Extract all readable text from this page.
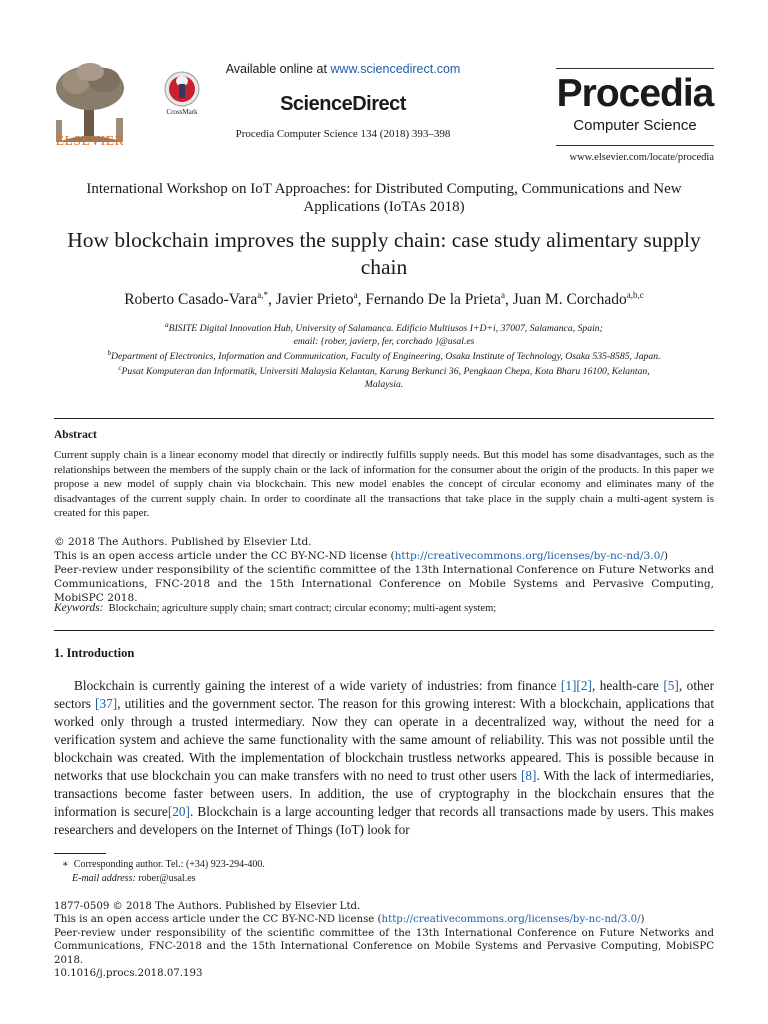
ELSEVIER
CrossMark
Available online at www.sciencedirect.com
ScienceDirect
Procedia Computer Science 134 (2018) 393–398
Procedia
Computer Science
www.elsevier.com/locate/procedia
International Workshop on IoT Approaches: for Distributed Computing, Communications and New Applications (IoTAs 2018)
How blockchain improves the supply chain: case study alimentary supply chain
Roberto Casado-Vara$^{a,*}$, Javier Prieto$^a$, Fernando De la Prieta$^a$, Juan M. Corchado$^{a,b,c}$
$^a$BISITE Digital Innovation Hub, University of Salamanca. Edificio Multiusos I+D+i, 37007, Salamanca, Spain;
email: {rober, javierp, fer, corchado }@usal.es
$^b$Department of Electronics, Information and Communication, Faculty of Engineering, Osaka Institute of Technology, Osaka 535-8585, Japan.
$^c$Pusat Komputeran dan Informatik, Universiti Malaysia Kelantan, Karung Berkunci 36, Pengkaan Chepa, Kota Bharu 16100, Kelantan, Malaysia.
Abstract
Current supply chain is a linear economy model that directly or indirectly fulfills supply needs. But this model has some disadvantages, such as the relationships between the members of the supply chain or the lack of information for the consumer about the origin of the products. In this paper we propose a new model of supply chain via blockchain. This new model enables the concept of circular economy and eliminates many of the disadvantages of the current supply chain. In order to coordinate all the transactions that take place in the supply chain a multi-agent system is created for this paper.
© 2018 The Authors. Published by Elsevier Ltd.
This is an open access article under the CC BY-NC-ND license (http://creativecommons.org/licenses/by-nc-nd/3.0/)
Peer-review under responsibility of the scientific committee of the 13th International Conference on Future Networks and Communications, FNC-2018 and the 15th International Conference on Mobile Systems and Pervasive Computing, MobiSPC 2018.
Keywords: Blockchain; agriculture supply chain; smart contract; circular economy; multi-agent system;
1. Introduction
Blockchain is currently gaining the interest of a wide variety of industries: from finance [1][2], health-care [5], other sectors [37], utilities and the government sector. The reason for this growing interest: With a blockchain, applications that worked only through a trusted intermediary. Now they can operate in a decentralized way, without the need for a verification system and achieve the same functionality with the same amount of reliability. This was not possible until the blockchain was created. With the implementation of blockchain trustless networks appeared. This is possible because in networks that use blockchain you can make transfers with no need to trust other users [8]. With the lack of intermediaries, transactions become faster between users. In addition, the use of cryptography in the blockchain ensures that the information is secure[20]. Blockchain is a large accounting ledger that records all transactions made by users. This makes researchers and developers on the Internet of Things (IoT) look for
∗ Corresponding author. Tel.: (+34) 923-294-400.
E-mail address: rober@usal.es
1877-0509 © 2018 The Authors. Published by Elsevier Ltd.
This is an open access article under the CC BY-NC-ND license (http://creativecommons.org/licenses/by-nc-nd/3.0/)
Peer-review under responsibility of the scientific committee of the 13th International Conference on Future Networks and Communications, FNC-2018 and the 15th International Conference on Mobile Systems and Pervasive Computing, MobiSPC 2018.
10.1016/j.procs.2018.07.193
